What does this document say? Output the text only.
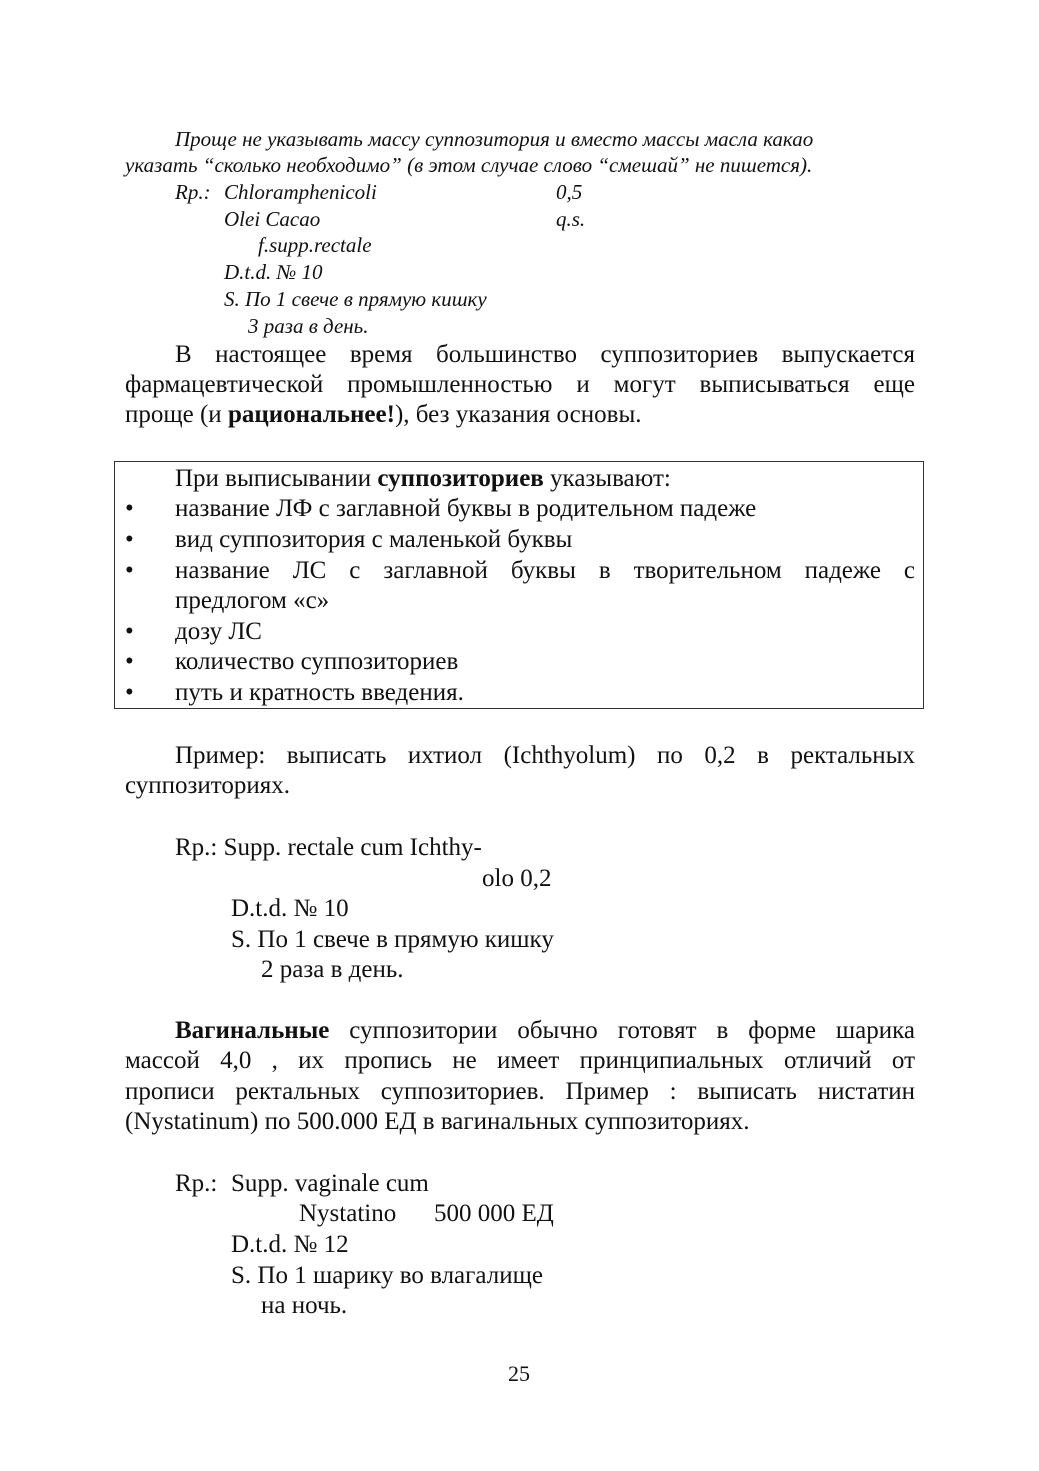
Проще не указывать массу суппозитория и вместо массы масла какао
указать “сколько необходимо” (в этом случае слово “смешай” не пишется).
Rp.: Chloramphenicoli	0,5
Olei Cacao	q.s.
f.supp.rectale
D.t.d. № 10
S. По 1 свече в прямую кишку
3 раза в день.
В настоящее время большинство суппозиториев выпускается
фармацевтической промышленностью и могут выписываться еще
проще (и рациональнее!), без указания основы.
При выписывании суппозиториев указывают:
• название ЛФ с заглавной буквы в родительном падеже
• вид суппозитория с маленькой буквы
• название ЛС с заглавной буквы в творительном падеже с
предлогом «с»
• дозу ЛС
• количество суппозиториев
• путь и кратность введения.
Пример: выписать ихтиол (Ichthyolum) по 0,2 в ректальных
суппозиториях.
Rp.: Supp. rectale cum Ichthy-
olo 0,2
D.t.d. № 10
S. По 1 свече в прямую кишку
2 раза в день.
Вагинальные суппозитории обычно готовят в форме шарика
массой 4,0 , их пропись не имеет принципиальных отличий от
прописи ректальных суппозиториев. Пример : выписать нистатин
(Nystatinum) по 500.000 ЕД в вагинальных суппозиториях.
Rp.: Supp. vaginale cum
Nystatino 500 000 ЕД
D.t.d. № 12
S. По 1 шарику во влагалище
на ночь.
25
